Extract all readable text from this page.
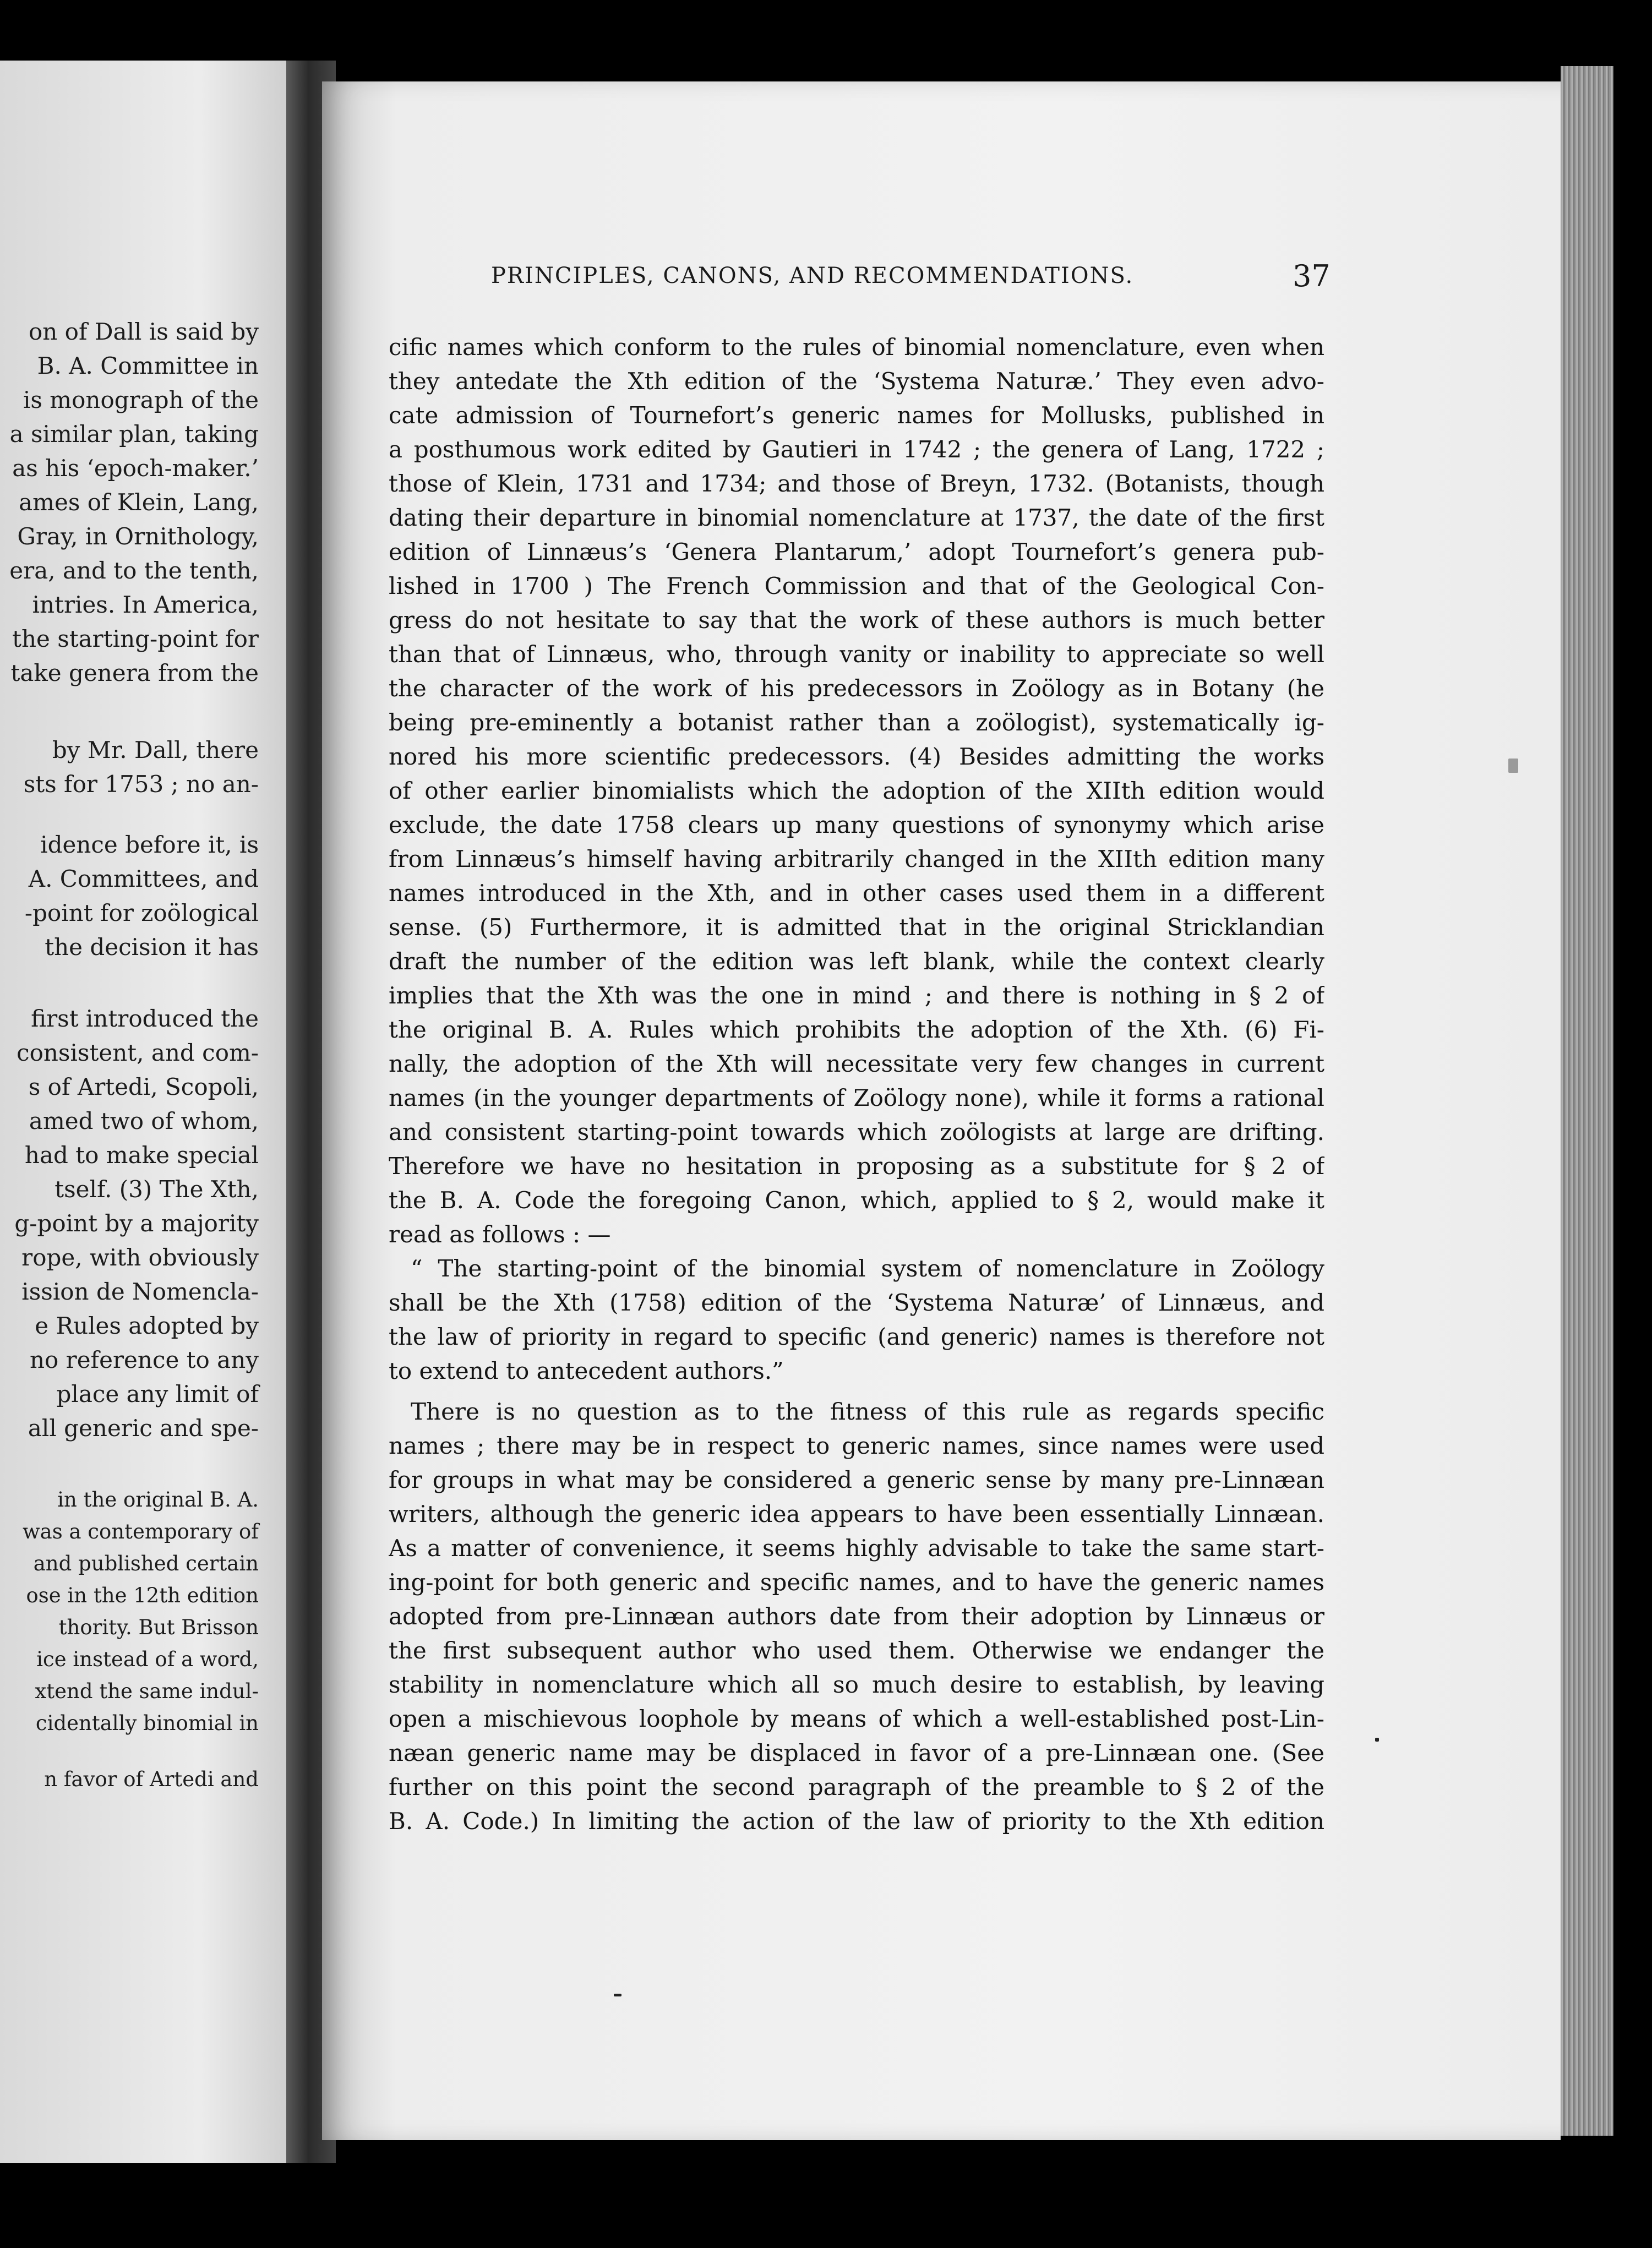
on of Dall is said by
B. A. Committee in
is monograph of the
a similar plan, taking
as his ‘epoch-maker.’
ames of Klein, Lang,
Gray, in Ornithology,
era, and to the tenth,
intries. In America,
the starting-point for
take genera from the
by Mr. Dall, there
sts for 1753 ; no an-
idence before it, is
A. Committees, and
-point for zoölogical
the decision it has
first introduced the
consistent, and com-
s of Artedi, Scopoli,
amed two of whom,
had to make special
tself. (3) The Xth,
g-point by a majority
rope, with obviously
ission de Nomencla-
e Rules adopted by
no reference to any
place any limit of
all generic and spe-
in the original B. A.
was a contemporary of
and published certain
ose in the 12th edition
thority. But Brisson
ice instead of a word,
xtend the same indul-
cidentally binomial in
n favor of Artedi and
PRINCIPLES, CANONS, AND RECOMMENDATIONS.	37
cific names which conform to the rules of binomial nomenclature, even when
they antedate the Xth edition of the ‘Systema Naturæ.’ They even advo-
cate admission of Tournefort’s generic names for Mollusks, published in
a posthumous work edited by Gautieri in 1742 ; the genera of Lang, 1722 ;
those of Klein, 1731 and 1734; and those of Breyn, 1732. (Botanists, though
dating their departure in binomial nomenclature at 1737, the date of the first
edition of Linnæus’s ‘Genera Plantarum,’ adopt Tournefort’s genera pub-
lished in 1700 ) The French Commission and that of the Geological Con-
gress do not hesitate to say that the work of these authors is much better
than that of Linnæus, who, through vanity or inability to appreciate so well
the character of the work of his predecessors in Zoölogy as in Botany (he
being pre-eminently a botanist rather than a zoölogist), systematically ig-
nored his more scientific predecessors. (4) Besides admitting the works
of other earlier binomialists which the adoption of the XIIth edition would
exclude, the date 1758 clears up many questions of synonymy which arise
from Linnæus’s himself having arbitrarily changed in the XIIth edition many
names introduced in the Xth, and in other cases used them in a different
sense. (5) Furthermore, it is admitted that in the original Stricklandian
draft the number of the edition was left blank, while the context clearly
implies that the Xth was the one in mind ; and there is nothing in § 2 of
the original B. A. Rules which prohibits the adoption of the Xth. (6) Fi-
nally, the adoption of the Xth will necessitate very few changes in current
names (in the younger departments of Zoölogy none), while it forms a rational
and consistent starting-point towards which zoölogists at large are drifting.
Therefore we have no hesitation in proposing as a substitute for § 2 of
the B. A. Code the foregoing Canon, which, applied to § 2, would make it
read as follows : —
“ The starting-point of the binomial system of nomenclature in Zoölogy
shall be the Xth (1758) edition of the ‘Systema Naturæ’ of Linnæus, and
the law of priority in regard to specific (and generic) names is therefore not
to extend to antecedent authors.”
There is no question as to the fitness of this rule as regards specific
names ; there may be in respect to generic names, since names were used
for groups in what may be considered a generic sense by many pre-Linnæan
writers, although the generic idea appears to have been essentially Linnæan.
As a matter of convenience, it seems highly advisable to take the same start-
ing-point for both generic and specific names, and to have the generic names
adopted from pre-Linnæan authors date from their adoption by Linnæus or
the first subsequent author who used them. Otherwise we endanger the
stability in nomenclature which all so much desire to establish, by leaving
open a mischievous loophole by means of which a well-established post-Lin-
næan generic name may be displaced in favor of a pre-Linnæan one. (See
further on this point the second paragraph of the preamble to § 2 of the
B. A. Code.) In limiting the action of the law of priority to the Xth edition
